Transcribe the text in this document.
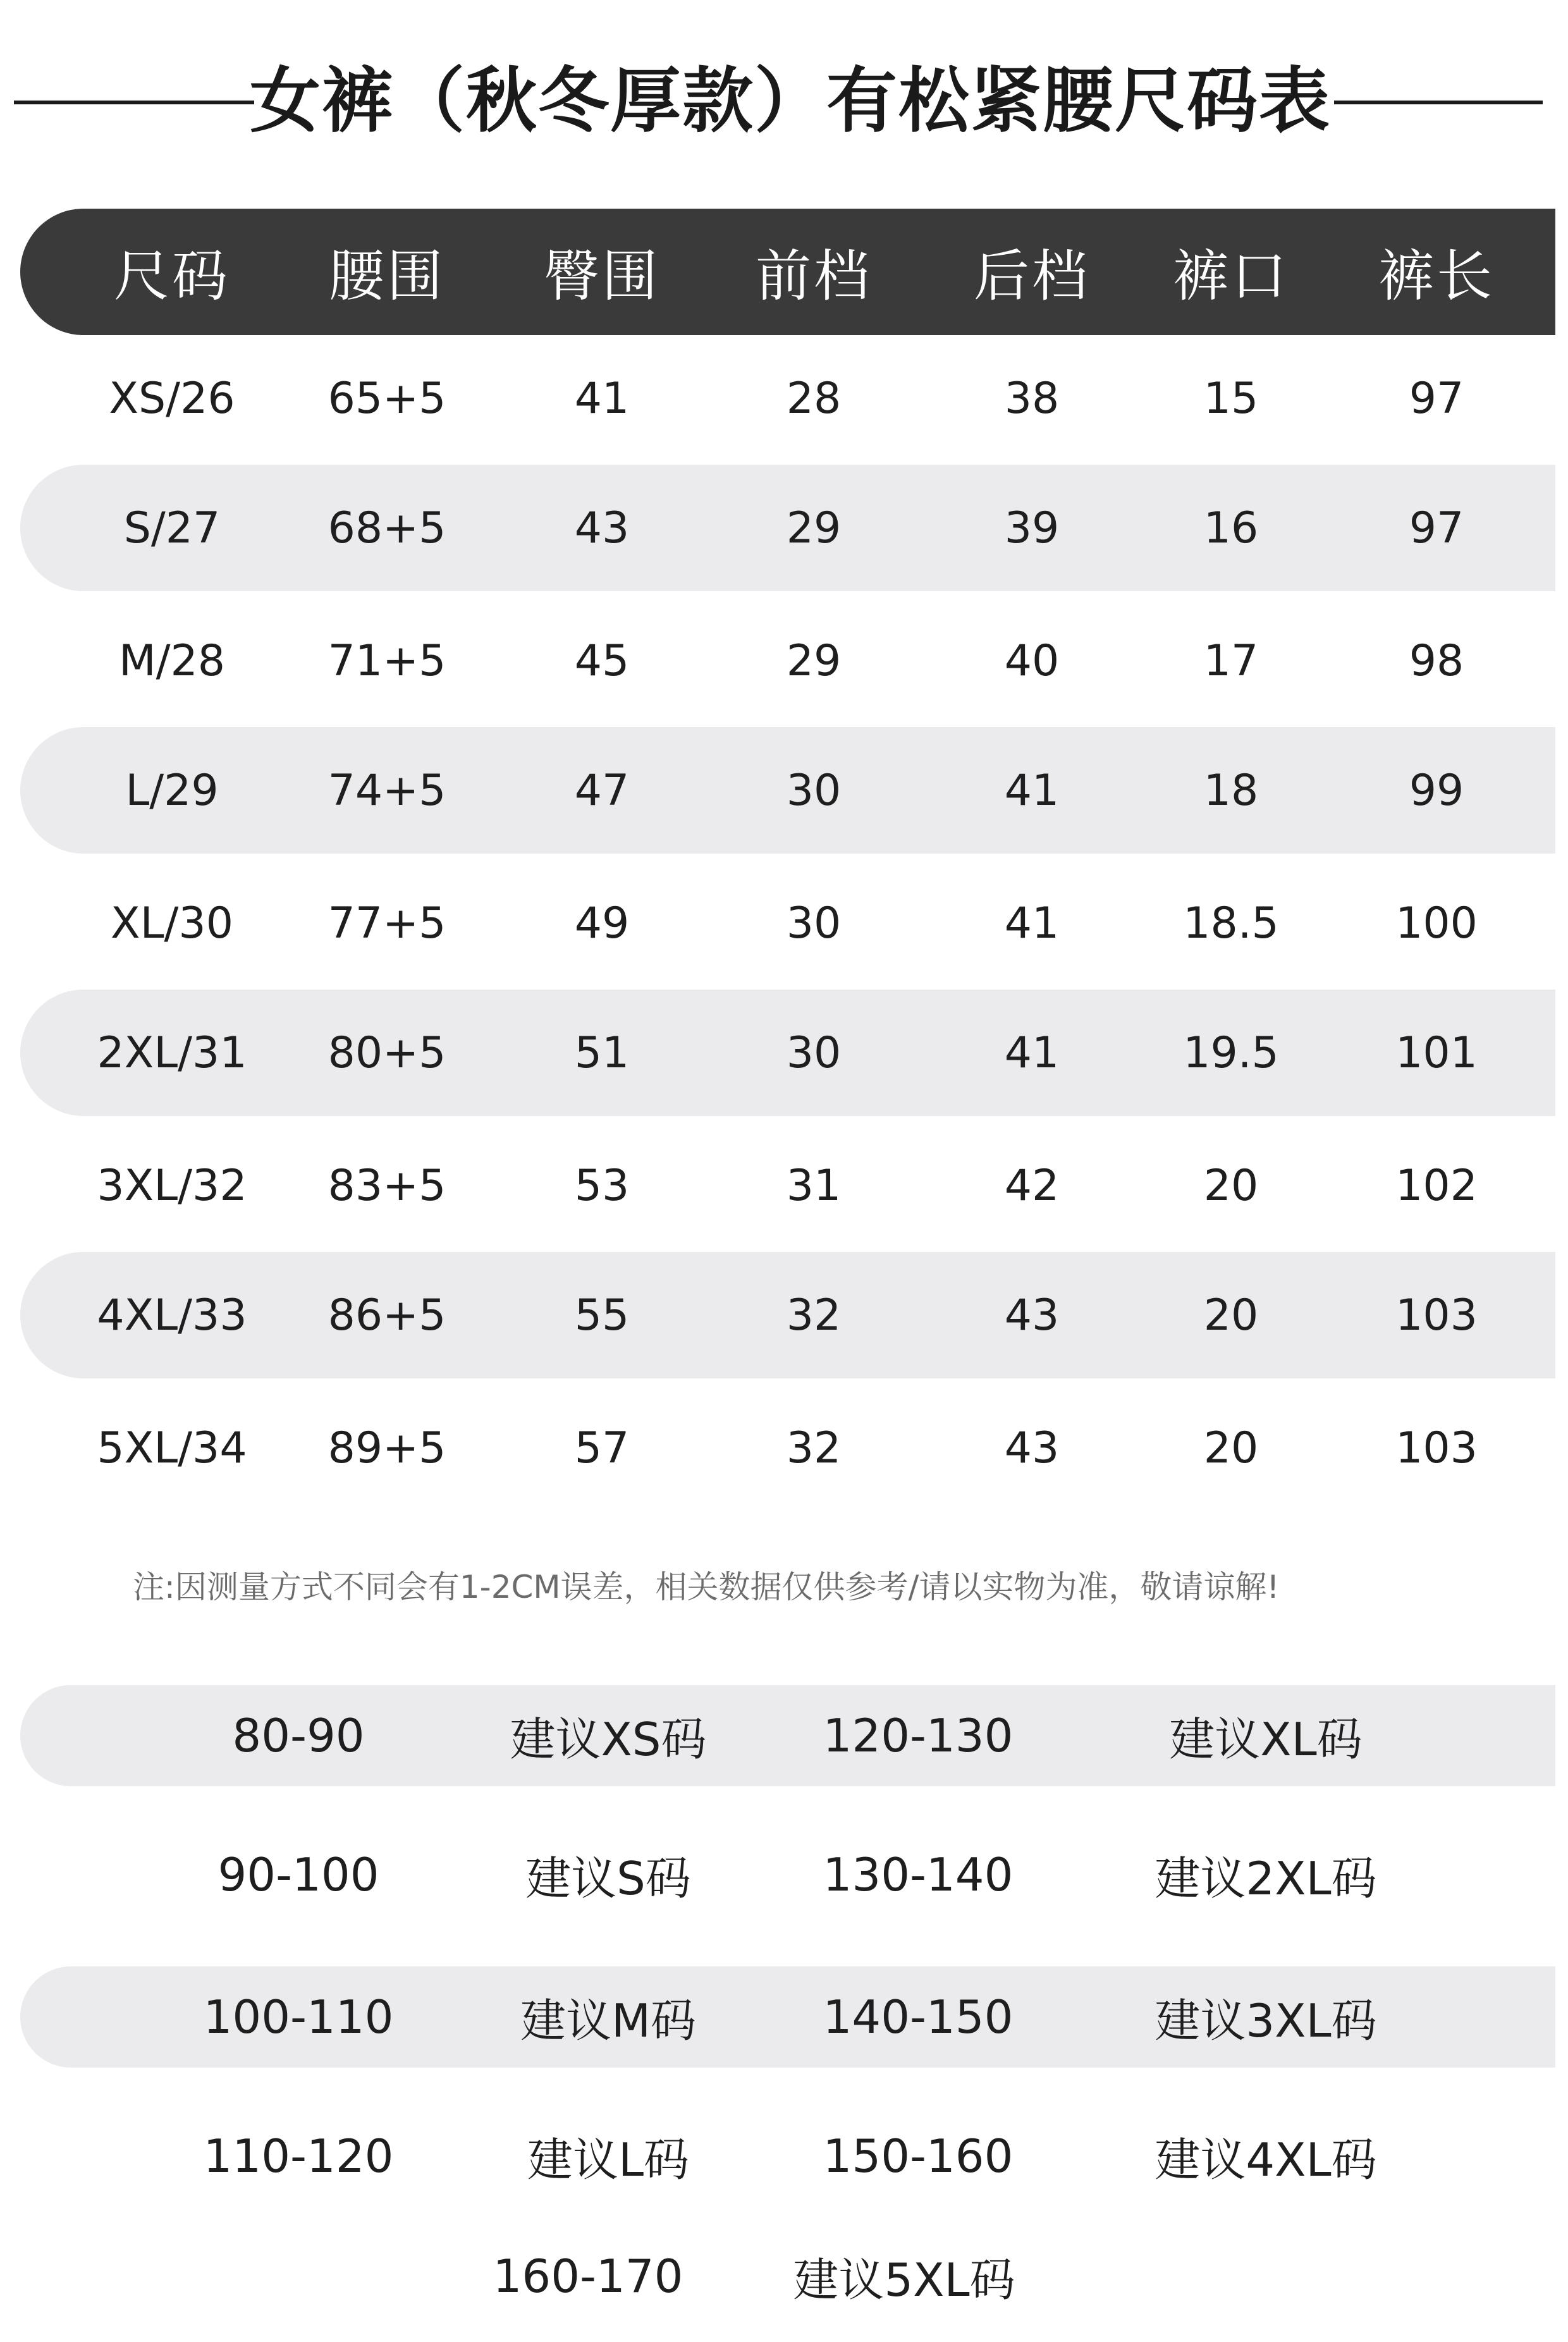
女裤（秋冬厚款）有松紧腰尺码表
尺码	腰围	臀围	前档	后档	裤口	裤长
XS/26	65+5	41	28	38	15	97
S/27	68+5	43	29	39	16	97
M/28	71+5	45	29	40	17	98
L/29	74+5	47	30	41	18	99
XL/30	77+5	49	30	41	18.5	100
2XL/31	80+5	51	30	41	19.5	101
3XL/32	83+5	53	31	42	20	102
4XL/33	86+5	55	32	43	20	103
5XL/34	89+5	57	32	43	20	103
注:因测量方式不同会有1-2CM误差，相关数据仅供参考/请以实物为准，敬请谅解!
80-90	建议XS码	120-130	建议XL码
90-100	建议S码	130-140	建议2XL码
100-110	建议M码	140-150	建议3XL码
110-120	建议L码	150-160	建议4XL码
160-170	建议5XL码
